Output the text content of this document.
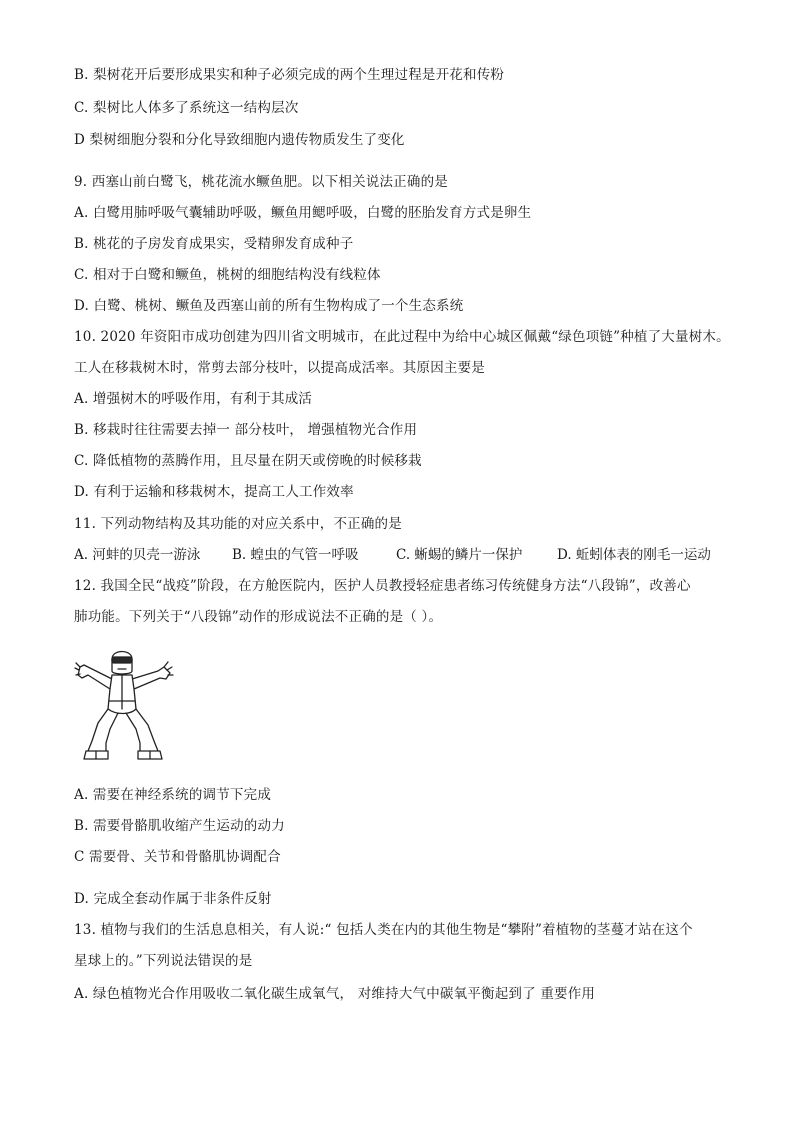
B. 梨树花开后要形成果实和种子必须完成的两个生理过程是开花和传粉
C. 梨树比人体多了系统这一结构层次
D 梨树细胞分裂和分化导致细胞内遗传物质发生了变化
9. 西塞山前白鹭飞，桃花流水鳜鱼肥。以下相关说法正确的是
A. 白鹭用肺呼吸气囊辅助呼吸，鳜鱼用鳃呼吸，白鹭的胚胎发育方式是卵生
B. 桃花的子房发育成果实，受精卵发育成种子
C. 相对于白鹭和鳜鱼，桃树的细胞结构没有线粒体
D. 白鹭、桃树、鳜鱼及西塞山前的所有生物构成了一个生态系统
10. 2020 年资阳市成功创建为四川省文明城市，在此过程中为给中心城区佩戴“绿色项链”种植了大量树木。
工人在移栽树木时，常剪去部分枝叶，以提高成活率。其原因主要是
A. 增强树木的呼吸作用，有利于其成活
B. 移栽时往往需要去掉一 部分枝叶， 增强植物光合作用
C. 降低植物的蒸腾作用，且尽量在阴天或傍晚的时候移栽
D. 有利于运输和移栽树木，提高工人工作效率
11. 下列动物结构及其功能的对应关系中，不正确的是
A. 河蚌的贝壳一游泳 B. 蝗虫的气管一呼吸	C. 蜥蜴的鳞片一保护	D. 蚯蚓体表的刚毛一运动
12. 我国全民“战疫”阶段，在方舱医院内，医护人员教授轻症患者练习传统健身方法“八段锦”，改善心
肺功能。下列关于“八段锦”动作的形成说法不正确的是（ ）。
A. 需要在神经系统的调节下完成
B. 需要骨骼肌收缩产生运动的动力
C 需要骨、关节和骨骼肌协调配合
D. 完成全套动作属于非条件反射
13. 植物与我们的生活息息相关，有人说:“ 包括人类在内的其他生物是“攀附”着植物的茎蔓才站在这个
星球上的。”下列说法错误的是
A. 绿色植物光合作用吸收二氧化碳生成氧气， 对维持大气中碳氧平衡起到了 重要作用
